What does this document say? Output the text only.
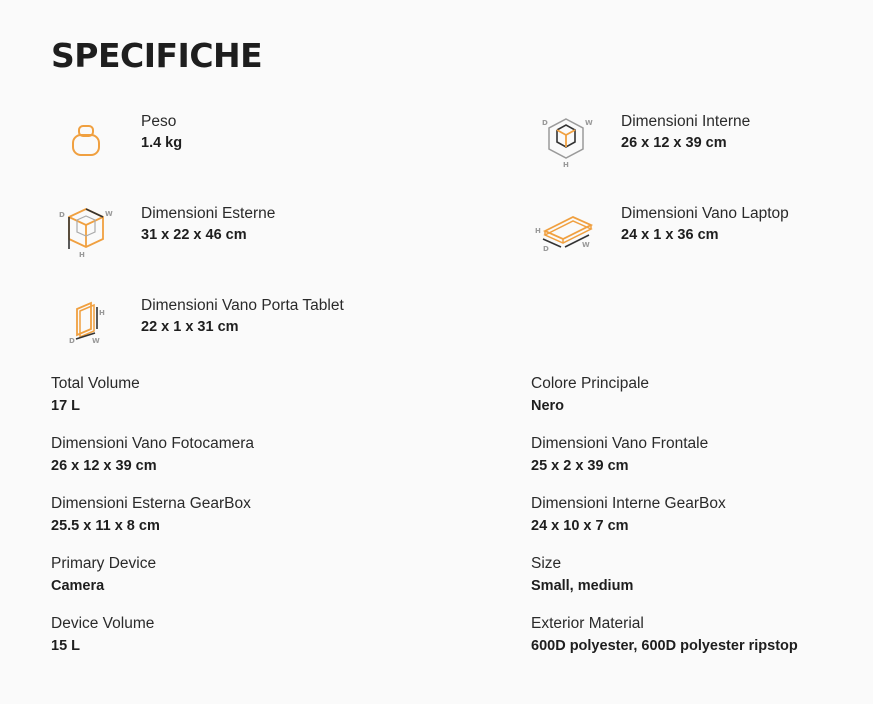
SPECIFICHE
Peso
1.4 kg
D	W
H
Dimensioni Interne
26 x 12 x 39 cm
D	W
H
Dimensioni Esterne
31 x 22 x 46 cm	H
D	W
Dimensioni Vano Laptop
24 x 1 x 36 cm
H
D W
Dimensioni Vano Porta Tablet
22 x 1 x 31 cm
Total Volume
17 L
Colore Principale
Nero
Dimensioni Vano Fotocamera
26 x 12 x 39 cm
Dimensioni Vano Frontale
25 x 2 x 39 cm
Dimensioni Esterna GearBox
25.5 x 11 x 8 cm
Dimensioni Interne GearBox
24 x 10 x 7 cm
Primary Device
Camera
Size
Small, medium
Device Volume
15 L
Exterior Material
600D polyester, 600D polyester ripstop
